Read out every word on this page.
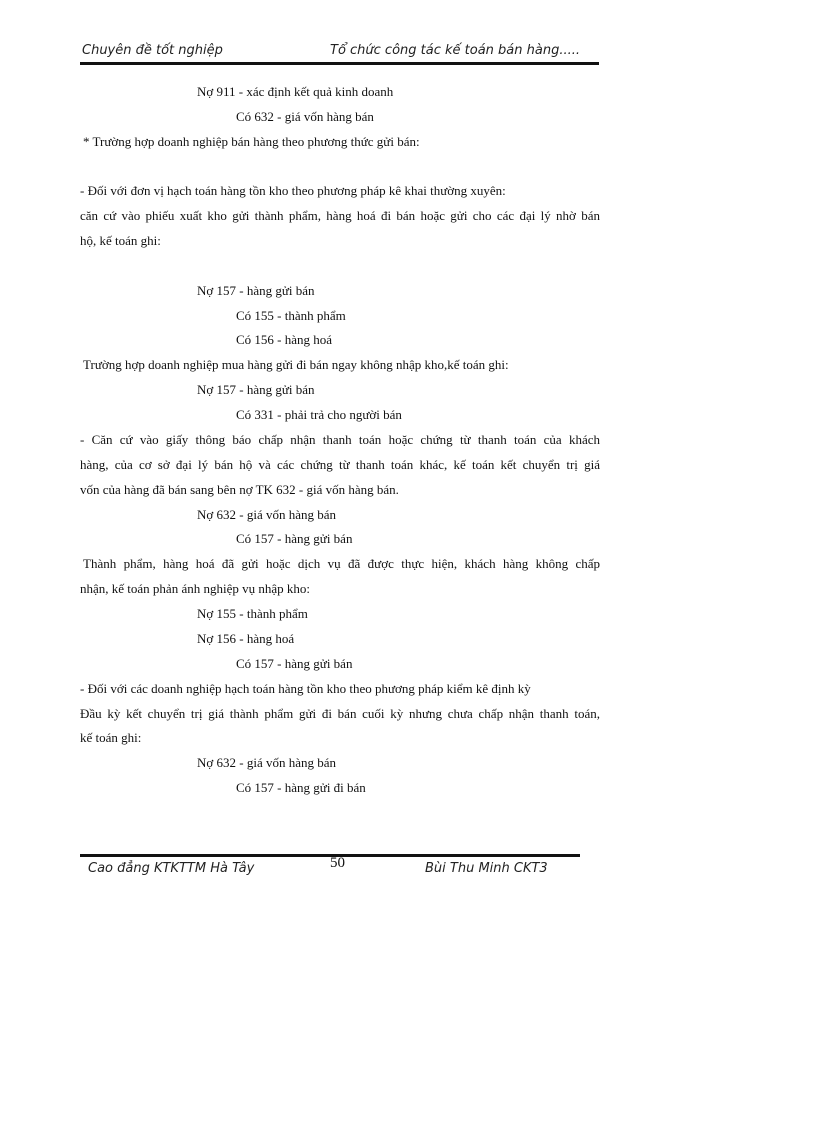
Chuyên đề tốt nghiệp	Tổ chức công tác kế toán bán hàng.....
Nợ 911 - xác định kết quả kinh doanh
Có 632 - giá vốn hàng bán
* Trường hợp doanh nghiệp bán hàng theo phương thức gửi bán:
- Đối với đơn vị hạch toán hàng tồn kho theo phương pháp kê khai thường xuyên:
căn cứ vào phiếu xuất kho gửi thành phẩm, hàng hoá đi bán hoặc gửi cho các đại lý nhờ bán
hộ, kế toán ghi:
Nợ 157 - hàng gửi bán
Có 155 - thành phẩm
Có 156 - hàng hoá
Trường hợp doanh nghiệp mua hàng gửi đi bán ngay không nhập kho,kế toán ghi:
Nợ 157 - hàng gửi bán
Có 331 - phải trả cho người bán
- Căn cứ vào giấy thông báo chấp nhận thanh toán hoặc chứng từ thanh toán của khách
hàng, của cơ sở đại lý bán hộ và các chứng từ thanh toán khác, kế toán kết chuyển trị giá
vốn của hàng đã bán sang bên nợ TK 632 - giá vốn hàng bán.
Nợ 632 - giá vốn hàng bán
Có 157 - hàng gửi bán
Thành phẩm, hàng hoá đã gửi hoặc dịch vụ đã được thực hiện, khách hàng không chấp
nhận, kế toán phản ánh nghiệp vụ nhập kho:
Nợ 155 - thành phẩm
Nợ 156 - hàng hoá
Có 157 - hàng gửi bán
- Đối với các doanh nghiệp hạch toán hàng tồn kho theo phương pháp kiểm kê định kỳ
Đầu kỳ kết chuyển trị giá thành phẩm gửi đi bán cuối kỳ nhưng chưa chấp nhận thanh toán,
kế toán ghi:
Nợ 632 - giá vốn hàng bán
Có 157 - hàng gửi đi bán
Cao đẳng KTKTTM Hà Tây	50	Bùi Thu Minh CKT3
